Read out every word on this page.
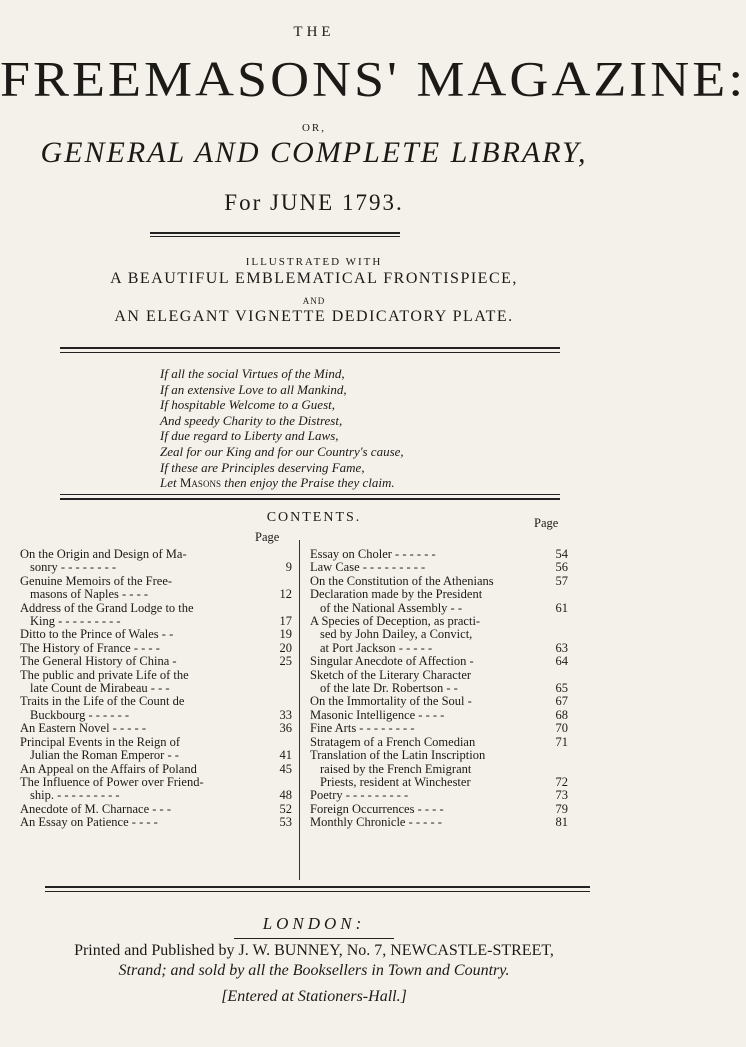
THE
FREEMASONS' MAGAZINE:
OR,
GENERAL AND COMPLETE LIBRARY,
For JUNE 1793.
ILLUSTRATED WITH
A BEAUTIFUL EMBLEMATICAL FRONTISPIECE,
AND
AN ELEGANT VIGNETTE DEDICATORY PLATE.
If all the social Virtues of the Mind,
If an extensive Love to all Mankind,
If hospitable Welcome to a Guest,
And speedy Charity to the Distrest,
If due regard to Liberty and Laws,
Zeal for our King and for our Country's cause,
If these are Principles deserving Fame,
Let Masons then enjoy the Praise they claim.
CONTENTS.	Page
Page
On the Origin and Design of Ma-
sonry - - - - - - - -	9
Genuine Memoirs of the Free-
masons of Naples - - - -	12
Address of the Grand Lodge to the
King - - - - - - - - -	17
Ditto to the Prince of Wales - -	19
The History of France - - - -	20
The General History of China -	25
The public and private Life of the
late Count de Mirabeau - - -
Traits in the Life of the Count de
Buckbourg - - - - - -	33
An Eastern Novel - - - - -	36
Principal Events in the Reign of
Julian the Roman Emperor - -	41
An Appeal on the Affairs of Poland	45
The Influence of Power over Friend-
ship. - - - - - - - - -	48
Anecdote of M. Charnace - - -	52
An Essay on Patience - - - -	53
Essay on Choler - - - - - -	54
Law Case - - - - - - - - -	56
On the Constitution of the Athenians	57
Declaration made by the President
of the National Assembly - -	61
A Species of Deception, as practi-
sed by John Dailey, a Convict,
at Port Jackson - - - - -	63
Singular Anecdote of Affection -	64
Sketch of the Literary Character
of the late Dr. Robertson - -	65
On the Immortality of the Soul -	67
Masonic Intelligence - - - -	68
Fine Arts - - - - - - - -	70
Stratagem of a French Comedian	71
Translation of the Latin Inscription
raised by the French Emigrant
Priests, resident at Winchester	72
Poetry - - - - - - - - -	73
Foreign Occurrences - - - -	79
Monthly Chronicle - - - - -	81
LONDON:
Printed and Published by J. W. BUNNEY, No. 7, NEWCASTLE-STREET,
Strand; and sold by all the Booksellers in Town and Country.
[Entered at Stationers-Hall.]
